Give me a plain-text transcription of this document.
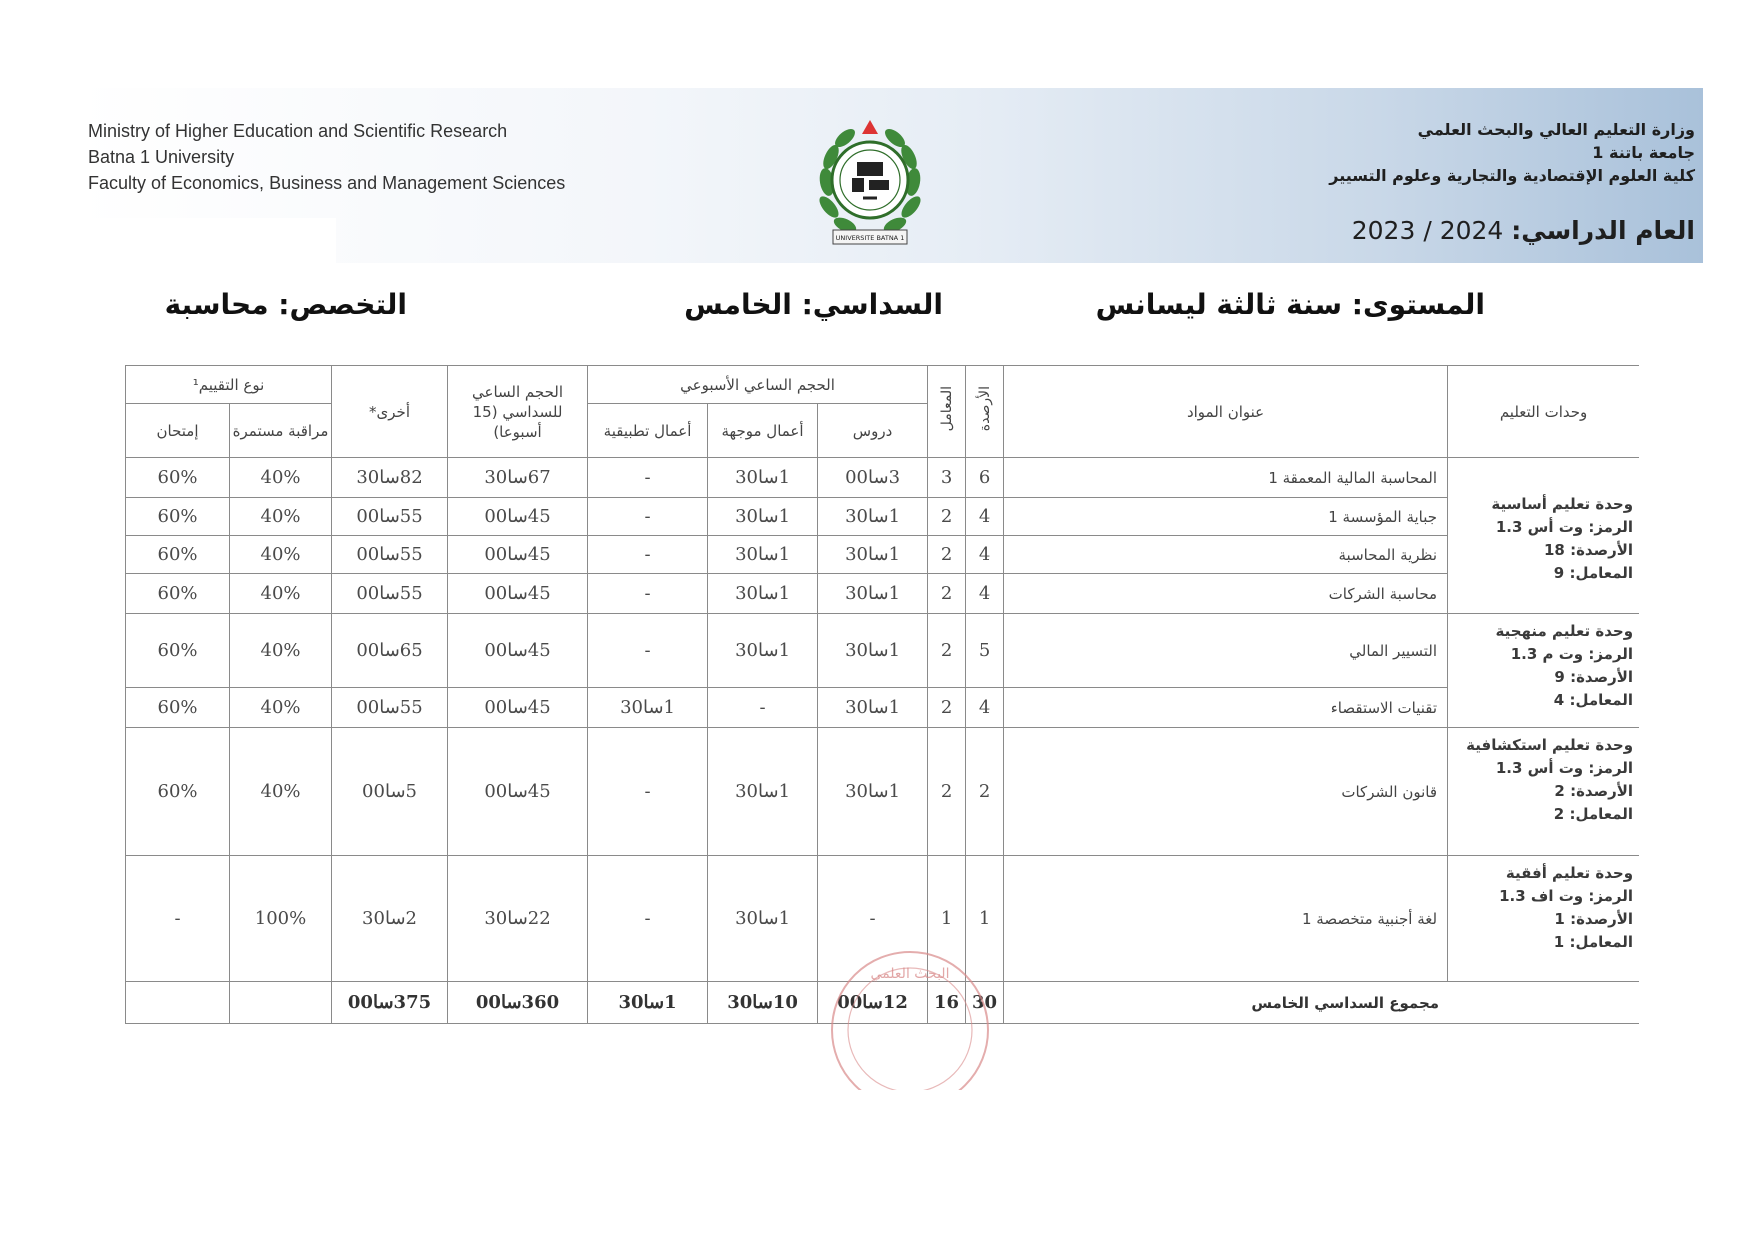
Ministry of Higher Education and Scientific Research
Batna 1 University
Faculty of Economics, Business and Management Sciences
وزارة التعليم العالي والبحث العلمي
جامعة باتنة 1
كلية العلوم الإقتصادية والتجارية وعلوم التسيير
العام الدراسي: 2024 / 2023
UNIVERSITE BATNA 1
المستوى: سنة ثالثة ليسانس
السداسي: الخامس
التخصص: محاسبة
وحدات التعليم	عنوان المواد	الأرصدة	المعامل	الحجم الساعي الأسبوعي			الحجم الساعي للسداسي (15 أسبوعا)	أخرى*	نوع التقييم¹	
				دروس	أعمال موجهة	أعمال تطبيقية			مراقبة مستمرة	إمتحان

وحدة تعليم أساسية
الرمز: وت أس 1.3
الأرصدة: 18
المعامل: 9	المحاسبة المالية المعمقة 1	6	3	3سا00	1سا30	-	67سا30	82سا30	40%	60%
	جباية المؤسسة 1	4	2	1سا30	1سا30	-	45سا00	55سا00	40%	60%
	نظرية المحاسبة	4	2	1سا30	1سا30	-	45سا00	55سا00	40%	60%
	محاسبة الشركات	4	2	1سا30	1سا30	-	45سا00	55سا00	40%	60%

وحدة تعليم منهجية
الرمز: وت م 1.3
الأرصدة: 9
المعامل: 4	التسيير المالي	5	2	1سا30	1سا30	-	45سا00	65سا00	40%	60%
	تقنيات الاستقصاء	4	2	1سا30	-	1سا30	45سا00	55سا00	40%	60%

وحدة تعليم استكشافية
الرمز: وت أس 1.3
الأرصدة: 2
المعامل: 2	قانون الشركات	2	2	1سا30	1سا30	-	45سا00	5سا00	40%	60%

وحدة تعليم أفقية
الرمز: وت اف 1.3
الأرصدة: 1
المعامل: 1	لغة أجنبية متخصصة 1	1	1	-	1سا30	-	22سا30	2سا30	100%	-
مجموع السداسي الخامس		30	16	12سا00	10سا30	1سا30	360سا00	375سا00		
البحث العلمي
